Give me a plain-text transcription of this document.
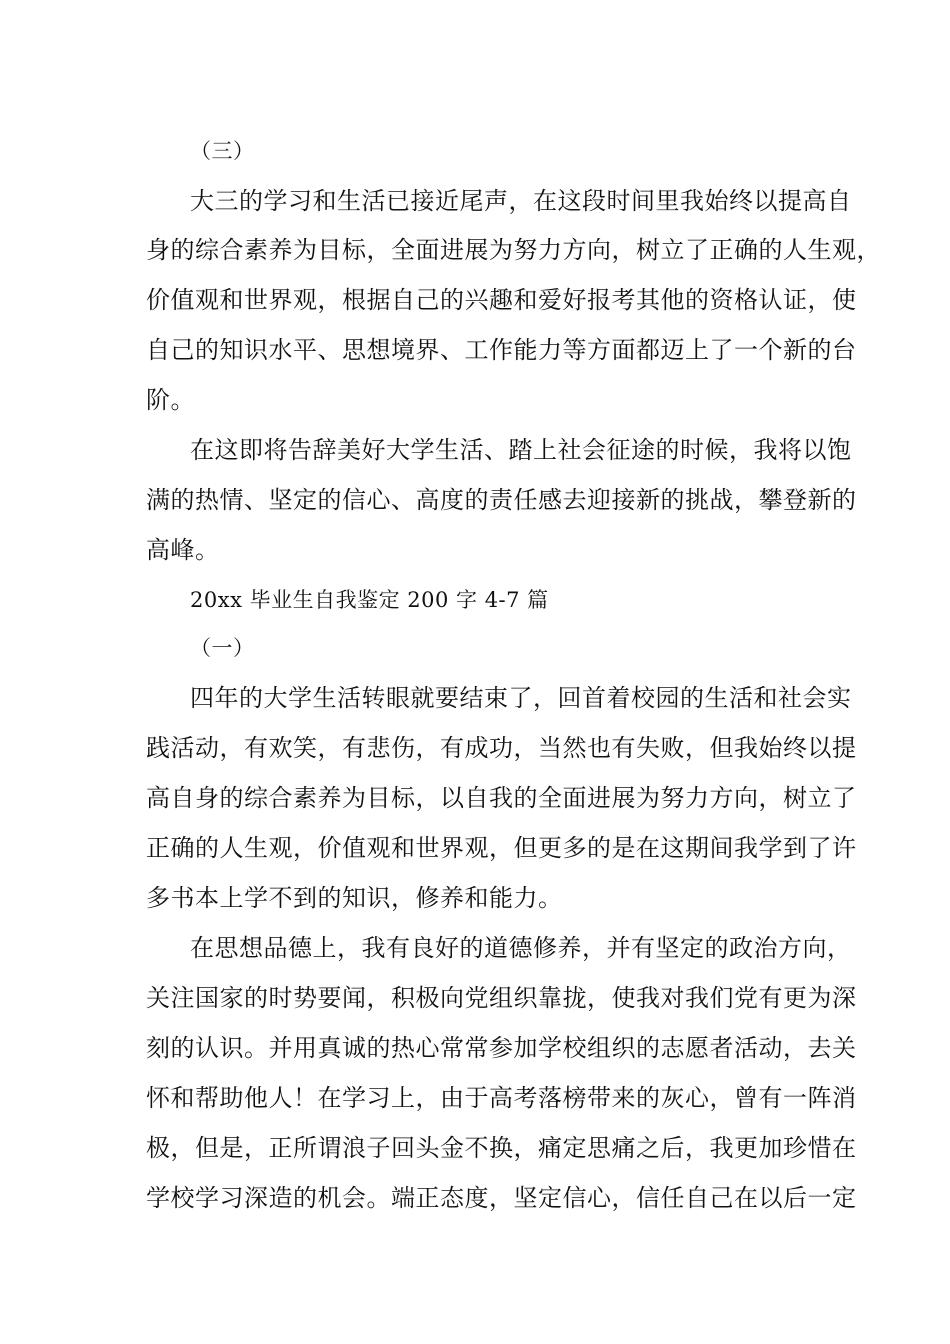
（三）
大三的学习和生活已接近尾声，在这段时间里我始终以提高自
身的综合素养为目标，全面进展为努力方向，树立了正确的人生观，
价值观和世界观，根据自己的兴趣和爱好报考其他的资格认证，使
自己的知识水平、思想境界、工作能力等方面都迈上了一个新的台
阶。
在这即将告辞美好大学生活、踏上社会征途的时候，我将以饱
满的热情、坚定的信心、高度的责任感去迎接新的挑战，攀登新的
高峰。
20xx 毕业生自我鉴定 200 字 4-7 篇
（一）
四年的大学生活转眼就要结束了，回首着校园的生活和社会实
践活动，有欢笑，有悲伤，有成功，当然也有失败，但我始终以提
高自身的综合素养为目标，以自我的全面进展为努力方向，树立了
正确的人生观，价值观和世界观，但更多的是在这期间我学到了许
多书本上学不到的知识，修养和能力。
在思想品德上，我有良好的道德修养，并有坚定的政治方向，
关注国家的时势要闻，积极向党组织靠拢，使我对我们党有更为深
刻的认识。并用真诚的热心常常参加学校组织的志愿者活动，去关
怀和帮助他人！在学习上，由于高考落榜带来的灰心，曾有一阵消
极，但是，正所谓浪子回头金不换，痛定思痛之后，我更加珍惜在
学校学习深造的机会。端正态度，坚定信心，信任自己在以后一定
